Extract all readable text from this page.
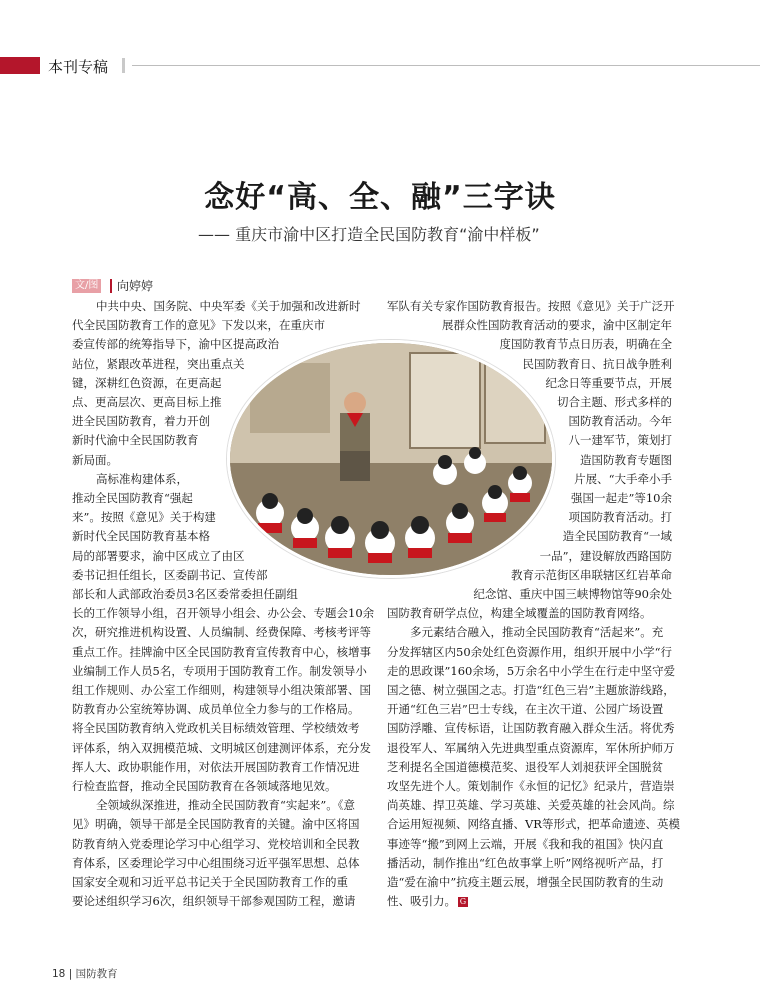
本刊专稿
念好“高、全、融”三字诀
—— 重庆市渝中区打造全民国防教育“渝中样板”
文/图 向婷婷
中共中央、国务院、中央军委《关于加强和改进新时
代全民国防教育工作的意见》下发以来，在重庆市
委宣传部的统筹指导下，渝中区提高政治
站位，紧跟改革进程，突出重点关
键，深耕红色资源，在更高起
点、更高层次、更高目标上推
进全民国防教育，着力开创
新时代渝中全民国防教育
新局面。
高标准构建体系，
推动全民国防教育“强起
来”。按照《意见》关于构建
新时代全民国防教育基本格
局的部署要求，渝中区成立了由区
委书记担任组长，区委副书记、宣传部
部长和人武部政治委员3名区委常委担任副组
长的工作领导小组，召开领导小组会、办公会、专题会10余
次，研究推进机构设置、人员编制、经费保障、考核考评等
重点工作。挂牌渝中区全民国防教育宣传教育中心，核增事
业编制工作人员5名，专项用于国防教育工作。制发领导小
组工作规则、办公室工作细则，构建领导小组决策部署、国
防教育办公室统筹协调、成员单位全力参与的工作格局。
将全民国防教育纳入党政机关目标绩效管理、学校绩效考
评体系，纳入双拥模范城、文明城区创建测评体系，充分发
挥人大、政协职能作用，对依法开展国防教育工作情况进
行检查监督，推动全民国防教育在各领域落地见效。
全领域纵深推进，推动全民国防教育“实起来”。《意
见》明确，领导干部是全民国防教育的关键。渝中区将国
防教育纳入党委理论学习中心组学习、党校培训和全民教
育体系，区委理论学习中心组围绕习近平强军思想、总体
国家安全观和习近平总书记关于全民国防教育工作的重
要论述组织学习6次，组织领导干部参观国防工程，邀请
军队有关专家作国防教育报告。按照《意见》关于广泛开
展群众性国防教育活动的要求，渝中区制定年
度国防教育节点日历表，明确在全
民国防教育日、抗日战争胜利
纪念日等重要节点，开展
切合主题、形式多样的
国防教育活动。今年
八一建军节，策划打
造国防教育专题图
片展、“大手牵小手
强国一起走”等10余
项国防教育活动。打
造全民国防教育“一域
一品”，建设解放西路国防
教育示范街区串联辖区红岩革命
纪念馆、重庆中国三峡博物馆等90余处
国防教育研学点位，构建全域覆盖的国防教育网络。
多元素结合融入，推动全民国防教育“活起来”。充
分发挥辖区内50余处红色资源作用，组织开展中小学“行
走的思政课”160余场，5万余名中小学生在行走中坚守爱
国之德、树立强国之志。打造“红色三岩”主题旅游线路，
开通“红色三岩”巴士专线，在主次干道、公园广场设置
国防浮雕、宣传标语，让国防教育融入群众生活。将优秀
退役军人、军属纳入先进典型重点资源库，军休所护师万
芝利提名全国道德模范奖、退役军人刘昶获评全国脱贫
攻坚先进个人。策划制作《永恒的记忆》纪录片，营造崇
尚英雄、捍卫英雄、学习英雄、关爱英雄的社会风尚。综
合运用短视频、网络直播、VR等形式，把革命遗迹、英模
事迹等“搬”到网上云端，开展《我和我的祖国》快闪直
播活动，制作推出“红色故事掌上听”网络视听产品，打
造“爱在渝中”抗疫主题云展，增强全民国防教育的生动
性、吸引力。 G
18 | 国防教育
